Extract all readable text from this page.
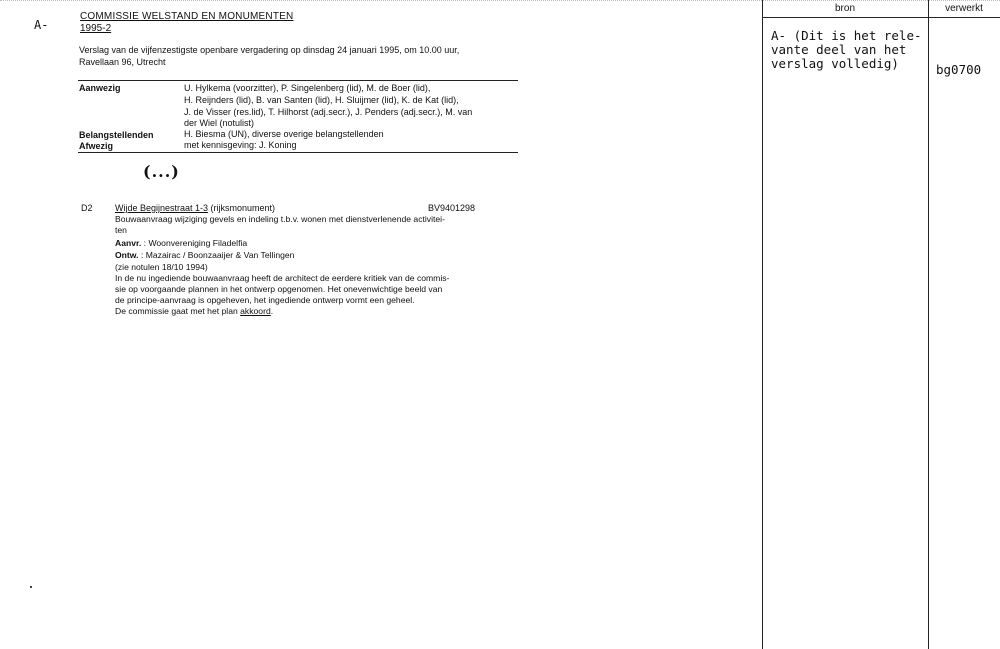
A-
COMMISSIE WELSTAND EN MONUMENTEN
1995-2
Verslag van de vijfenzestigste openbare vergadering op dinsdag 24 januari 1995, om 10.00 uur,
Ravellaan 96, Utrecht
Aanwezig	U. Hylkema (voorzitter), P. Singelenberg (lid), M. de Boer (lid),
H. Reijnders (lid), B. van Santen (lid), H. Sluijmer (lid), K. de Kat (lid),
J. de Visser (res.lid), T. Hilhorst (adj.secr.), J. Penders (adj.secr.), M. van
der Wiel (notulist)
Belangstellenden	H. Biesma (UN), diverse overige belangstellenden
Afwezig	met kennisgeving: J. Koning
(...)
D2 Wijde Begijnestraat 1-3 (rijksmonument)	BV9401298
Bouwaanvraag wijziging gevels en indeling t.b.v. wonen met dienstverlenende activitei-
ten
Aanvr. : Woonvereniging Filadelfia
Ontw. : Mazairac / Boonzaaijer & Van Tellingen
(zie notulen 18/10 1994)
In de nu ingediende bouwaanvraag heeft de architect de eerdere kritiek van de commis-
sie op voorgaande plannen in het ontwerp opgenomen. Het onevenwichtige beeld van
de principe-aanvraag is opgeheven, het ingediende ontwerp vormt een geheel.
De commissie gaat met het plan akkoord.
bron	verwerkt
A- (Dit is het rele-
vante deel van het
verslag volledig)	bg0700
